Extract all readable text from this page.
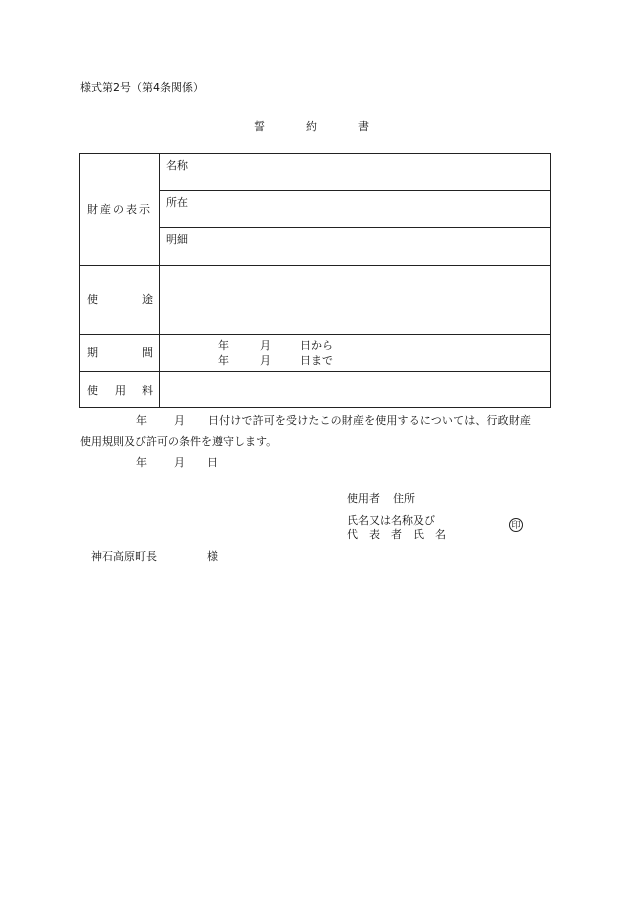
様式第2号（第4条関係）
誓	約	書
財産の表示
名称
所在
明細
使	途
期	間
年	月	日から
年	月	日まで
使 用 料
年 月 日付けで許可を受けたこの財産を使用するについては、行政財産
使用規則及び許可の条件を遵守します。
年 月 日
使用者 住所
氏名又は名称及び
代　表　者　氏　名
印
神石高原町長	様
